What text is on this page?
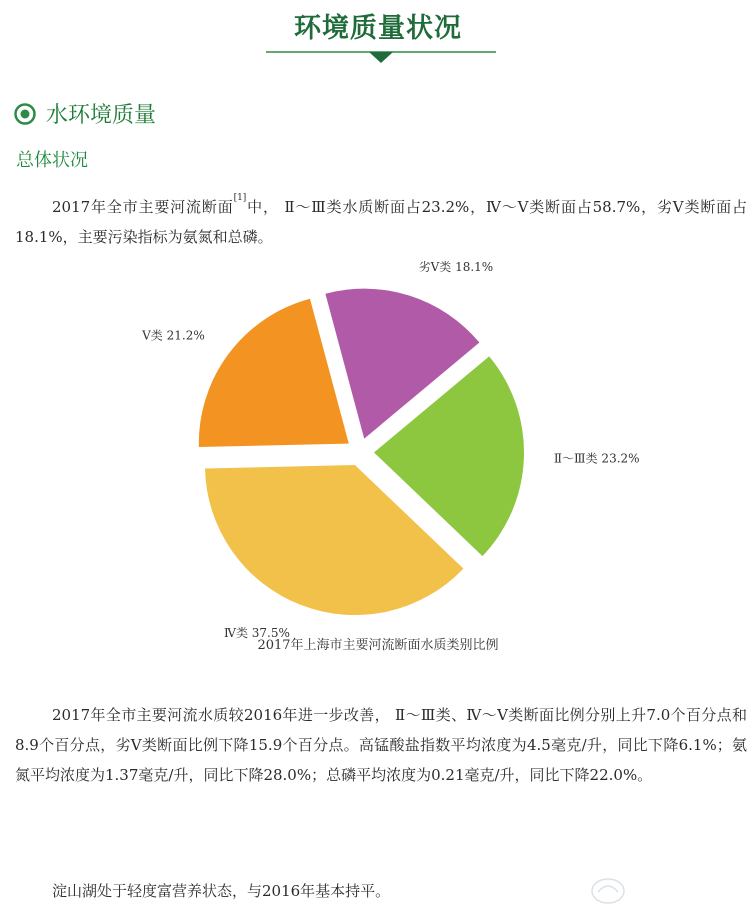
环境质量状况
水环境质量
总体状况

2017年全市主要河流断面[1]中， Ⅱ～Ⅲ类水质断面占23.2%，Ⅳ～Ⅴ类断面占58.7%，劣Ⅴ类断面占18.1%，主要污染指标为氨氮和总磷。

劣Ⅴ类 18.1%
Ⅱ～Ⅲ类 23.2%
Ⅳ类 37.5%
Ⅴ类 21.2%
2017年上海市主要河流断面水质类别比例

2017年全市主要河流水质较2016年进一步改善， Ⅱ～Ⅲ类、Ⅳ～Ⅴ类断面比例分别上升7.0个百分点和8.9个百分点，劣Ⅴ类断面比例下降15.9个百分点。高锰酸盐指数平均浓度为4.5毫克/升，同比下降6.1%；氨氮平均浓度为1.37毫克/升，同比下降28.0%；总磷平均浓度为0.21毫克/升，同比下降22.0%。

淀山湖处于轻度富营养状态，与2016年基本持平。
